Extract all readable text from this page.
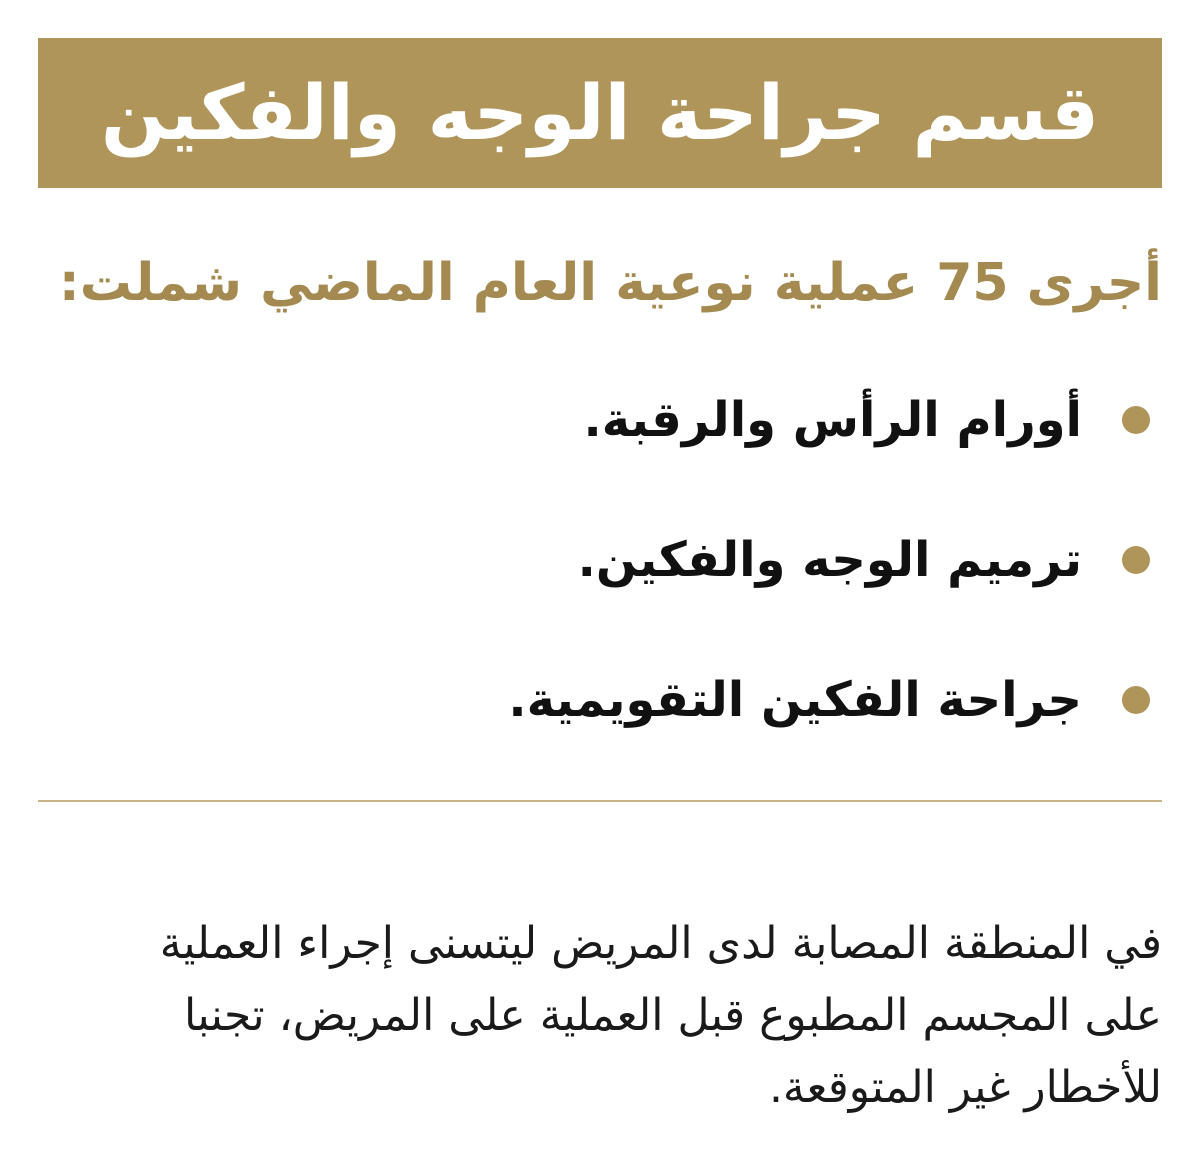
قسم جراحة الوجه والفكين
أجرى 75 عملية نوعية العام الماضي شملت:
أورام الرأس والرقبة.
ترميم الوجه والفكين.
جراحة الفكين التقويمية.

في المنطقة المصابة لدى المريض ليتسنى إجراء العملية
على المجسم المطبوع قبل العملية على المريض، تجنبا
للأخطار غير المتوقعة.
